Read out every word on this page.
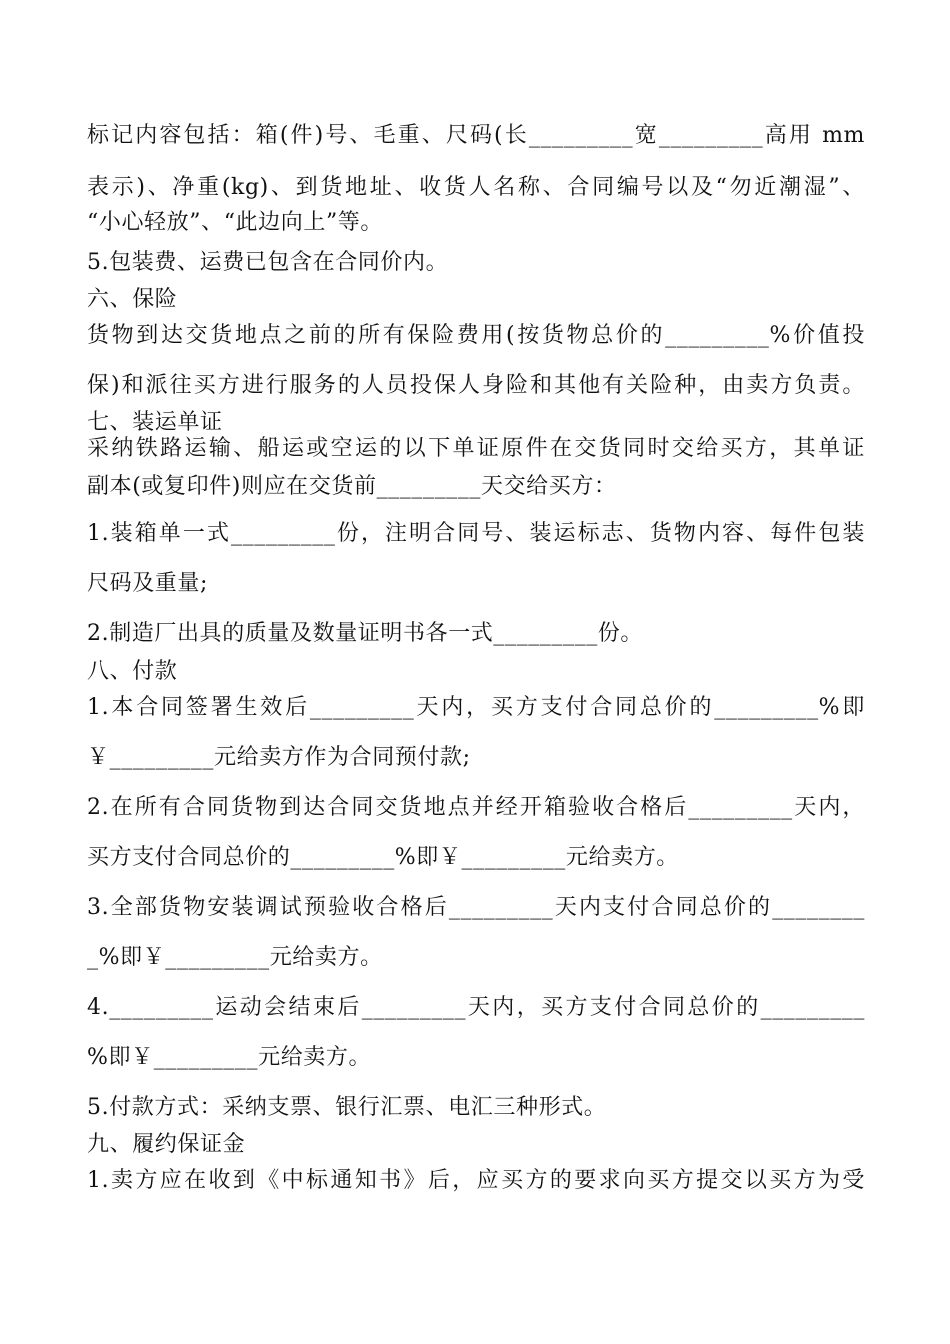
标记内容包括：箱(件)号、毛重、尺码(长_________宽_________高用 mm
表示)、净重(kg)、到货地址、收货人名称、合同编号以及“勿近潮湿”、
“小心轻放”、“此边向上”等。
5.包装费、运费已包含在合同价内。
六、保险
货物到达交货地点之前的所有保险费用(按货物总价的_________%价值投
保)和派往买方进行服务的人员投保人身险和其他有关险种，由卖方负责。
七、装运单证
采纳铁路运输、船运或空运的以下单证原件在交货同时交给买方，其单证
副本(或复印件)则应在交货前_________天交给买方：
1.装箱单一式_________份，注明合同号、装运标志、货物内容、每件包装
尺码及重量;
2.制造厂出具的质量及数量证明书各一式_________份。
八、付款
1.本合同签署生效后_________天内，买方支付合同总价的_________%即
￥_________元给卖方作为合同预付款;
2.在所有合同货物到达合同交货地点并经开箱验收合格后_________天内，
买方支付合同总价的_________%即￥_________元给卖方。
3.全部货物安装调试预验收合格后_________天内支付合同总价的________
_%即￥_________元给卖方。
4._________运动会结束后_________天内，买方支付合同总价的_________
%即￥_________元给卖方。
5.付款方式：采纳支票、银行汇票、电汇三种形式。
九、履约保证金
1.卖方应在收到《中标通知书》后，应买方的要求向买方提交以买方为受
